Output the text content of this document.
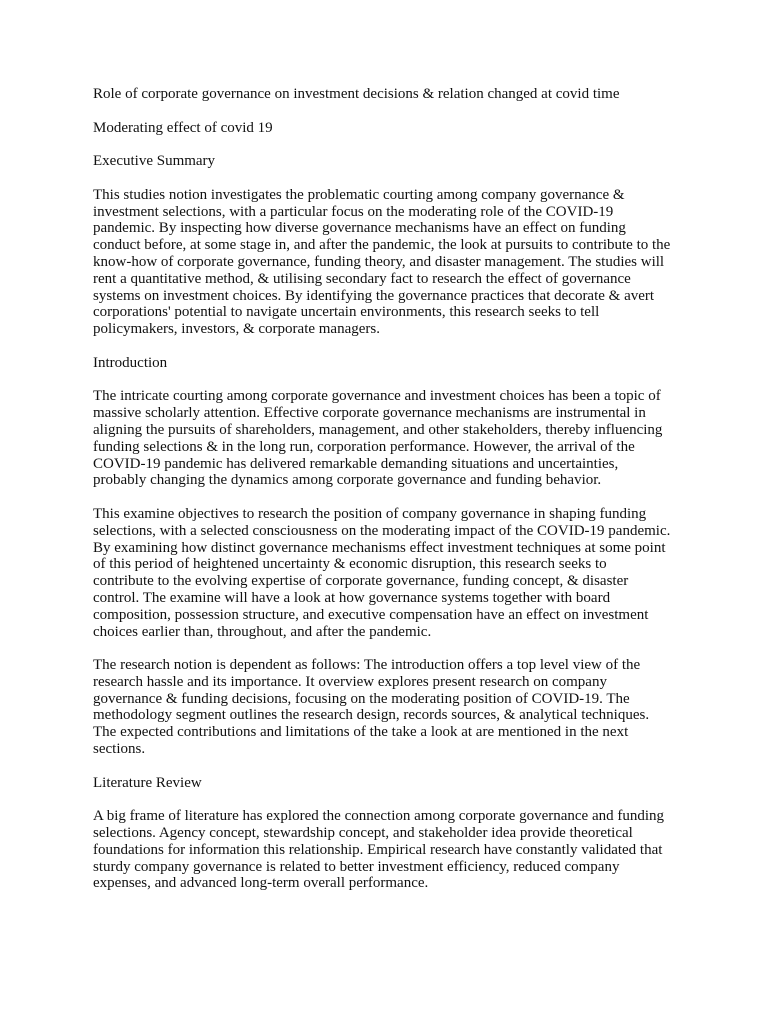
Role of corporate governance on investment decisions & relation changed at covid time

Moderating effect of covid 19

Executive Summary

This studies notion investigates the problematic courting among company governance & investment selections, with a particular focus on the moderating role of the COVID-19 pandemic. By inspecting how diverse governance mechanisms have an effect on funding conduct before, at some stage in, and after the pandemic, the look at pursuits to contribute to the know-how of corporate governance, funding theory, and disaster management. The studies will rent a quantitative method, & utilising secondary fact to research the effect of governance systems on investment choices. By identifying the governance practices that decorate & avert corporations' potential to navigate uncertain environments, this research seeks to tell policymakers, investors, & corporate managers.

Introduction

The intricate courting among corporate governance and investment choices has been a topic of massive scholarly attention. Effective corporate governance mechanisms are instrumental in aligning the pursuits of shareholders, management, and other stakeholders, thereby influencing funding selections & in the long run, corporation performance. However, the arrival of the COVID-19 pandemic has delivered remarkable demanding situations and uncertainties, probably changing the dynamics among corporate governance and funding behavior.

This examine objectives to research the position of company governance in shaping funding selections, with a selected consciousness on the moderating impact of the COVID-19 pandemic. By examining how distinct governance mechanisms effect investment techniques at some point of this period of heightened uncertainty & economic disruption, this research seeks to contribute to the evolving expertise of corporate governance, funding concept, & disaster control. The examine will have a look at how governance systems together with board composition, possession structure, and executive compensation have an effect on investment choices earlier than, throughout, and after the pandemic.

The research notion is dependent as follows: The introduction offers a top level view of the research hassle and its importance. It overview explores present research on company governance & funding decisions, focusing on the moderating position of COVID-19. The methodology segment outlines the research design, records sources, & analytical techniques. The expected contributions and limitations of the take a look at are mentioned in the next sections.

Literature Review

A big frame of literature has explored the connection among corporate governance and funding selections. Agency concept, stewardship concept, and stakeholder idea provide theoretical foundations for information this relationship. Empirical research have constantly validated that sturdy company governance is related to better investment efficiency, reduced company expenses, and advanced long-term overall performance.
